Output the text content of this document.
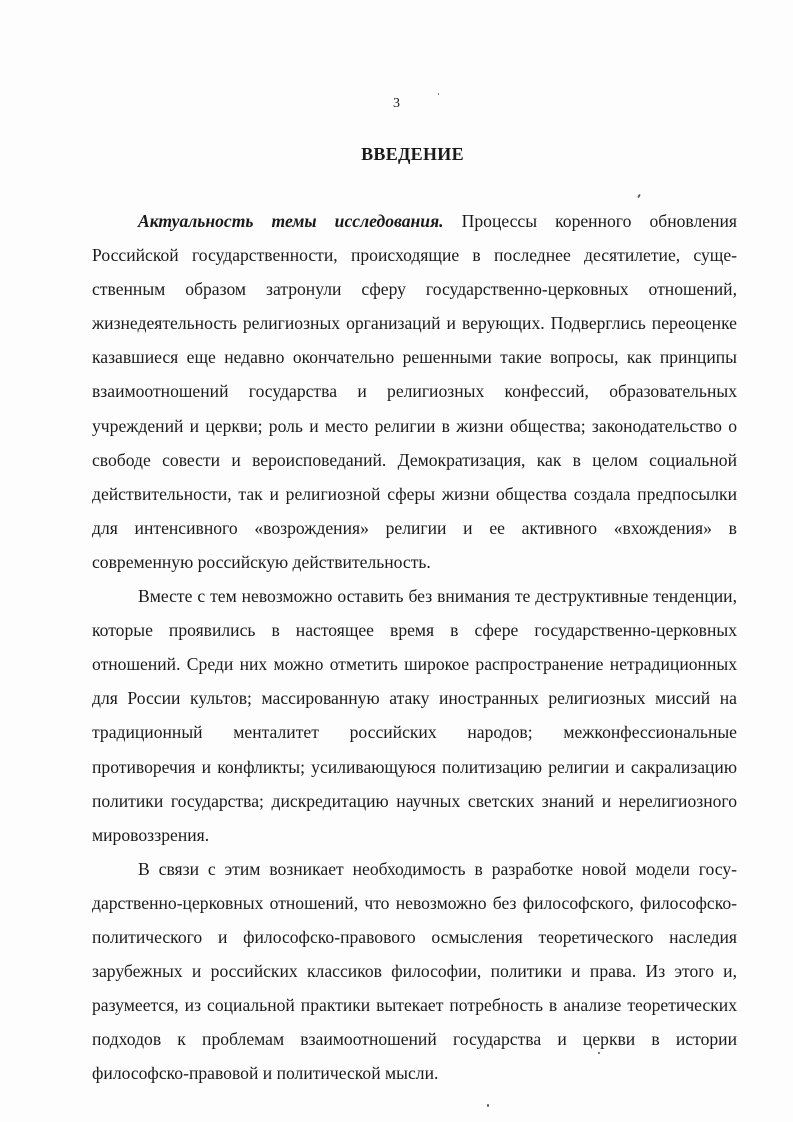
3
ВВЕДЕНИЕ

Актуальность темы исследования. Процессы коренного обновления Российской государственности, происходящие в последнее десятилетие, существенным образом затронули сферу государственно-церковных отношений, жизнедеятельность религиозных организаций и верующих. Подверглись переоценке казавшиеся еще недавно окончательно решенными такие вопросы, как принципы взаимоотношений государства и религиозных конфессий, образовательных учреждений и церкви; роль и место религии в жизни общества; законодательство о свободе совести и вероисповеданий. Демократизация, как в целом социальной действительности, так и религиозной сферы жизни общества создала предпосылки для интенсивного «возрождения» религии и ее активного «вхождения» в современную российскую действительность.

Вместе с тем невозможно оставить без внимания те деструктивные тенденции, которые проявились в настоящее время в сфере государственно-церковных отношений. Среди них можно отметить широкое распространение нетрадиционных для России культов; массированную атаку иностранных религиозных миссий на традиционный менталитет российских народов; межконфессиональные противоречия и конфликты; усиливающуюся политизацию религии и сакрализацию политики государства; дискредитацию научных светских знаний и нерелигиозного мировоззрения.

В связи с этим возникает необходимость в разработке новой модели государственно-церковных отношений, что невозможно без философского, философско-политического и философско-правового осмысления теоретического наследия зарубежных и российских классиков философии, политики и права. Из этого и, разумеется, из социальной практики вытекает потребность в анализе теоретических подходов к проблемам взаимоотношений государства и церкви в истории философско-правовой и политической мысли.
